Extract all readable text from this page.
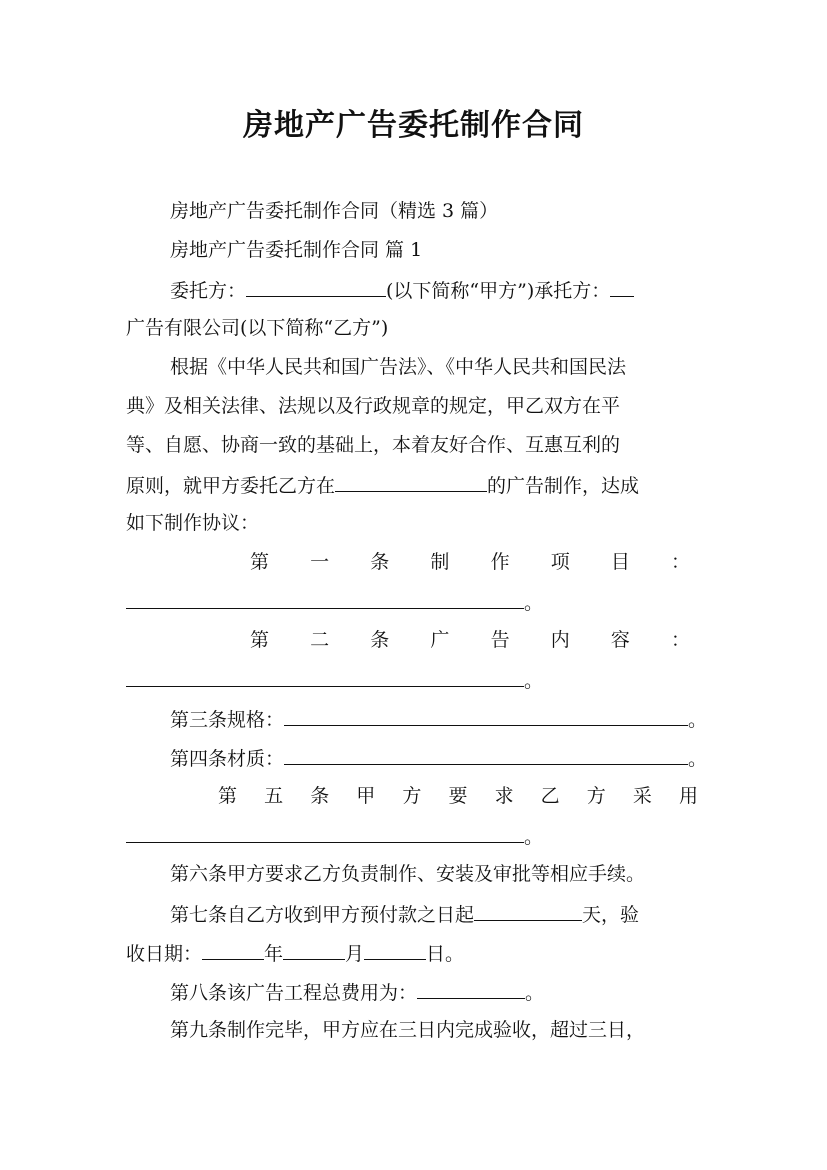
房地产广告委托制作合同
房地产广告委托制作合同（精选 3 篇）
房地产广告委托制作合同 篇 1
委托方：	(以下简称“甲方”)承托方：
广告有限公司(以下简称“乙方”)
根据《中华人民共和国广告法》、《中华人民共和国民法
典》及相关法律、法规以及行政规章的规定，甲乙双方在平
等、自愿、协商一致的基础上，本着友好合作、互惠互利的
原则，就甲方委托乙方在	的广告制作，达成
如下制作协议：
第 一 条 制 作 项 目 ：
。
第 二 条 广 告 内 容 ：
。
第三条规格：	。
第四条材质：	。
第 五 条 甲 方 要 求 乙 方 采 用
。
第六条甲方要求乙方负责制作、安装及审批等相应手续。
第七条自乙方收到甲方预付款之日起	天，验
收日期：	年	月	日。
第八条该广告工程总费用为：	。
第九条制作完毕，甲方应在三日内完成验收，超过三日，
